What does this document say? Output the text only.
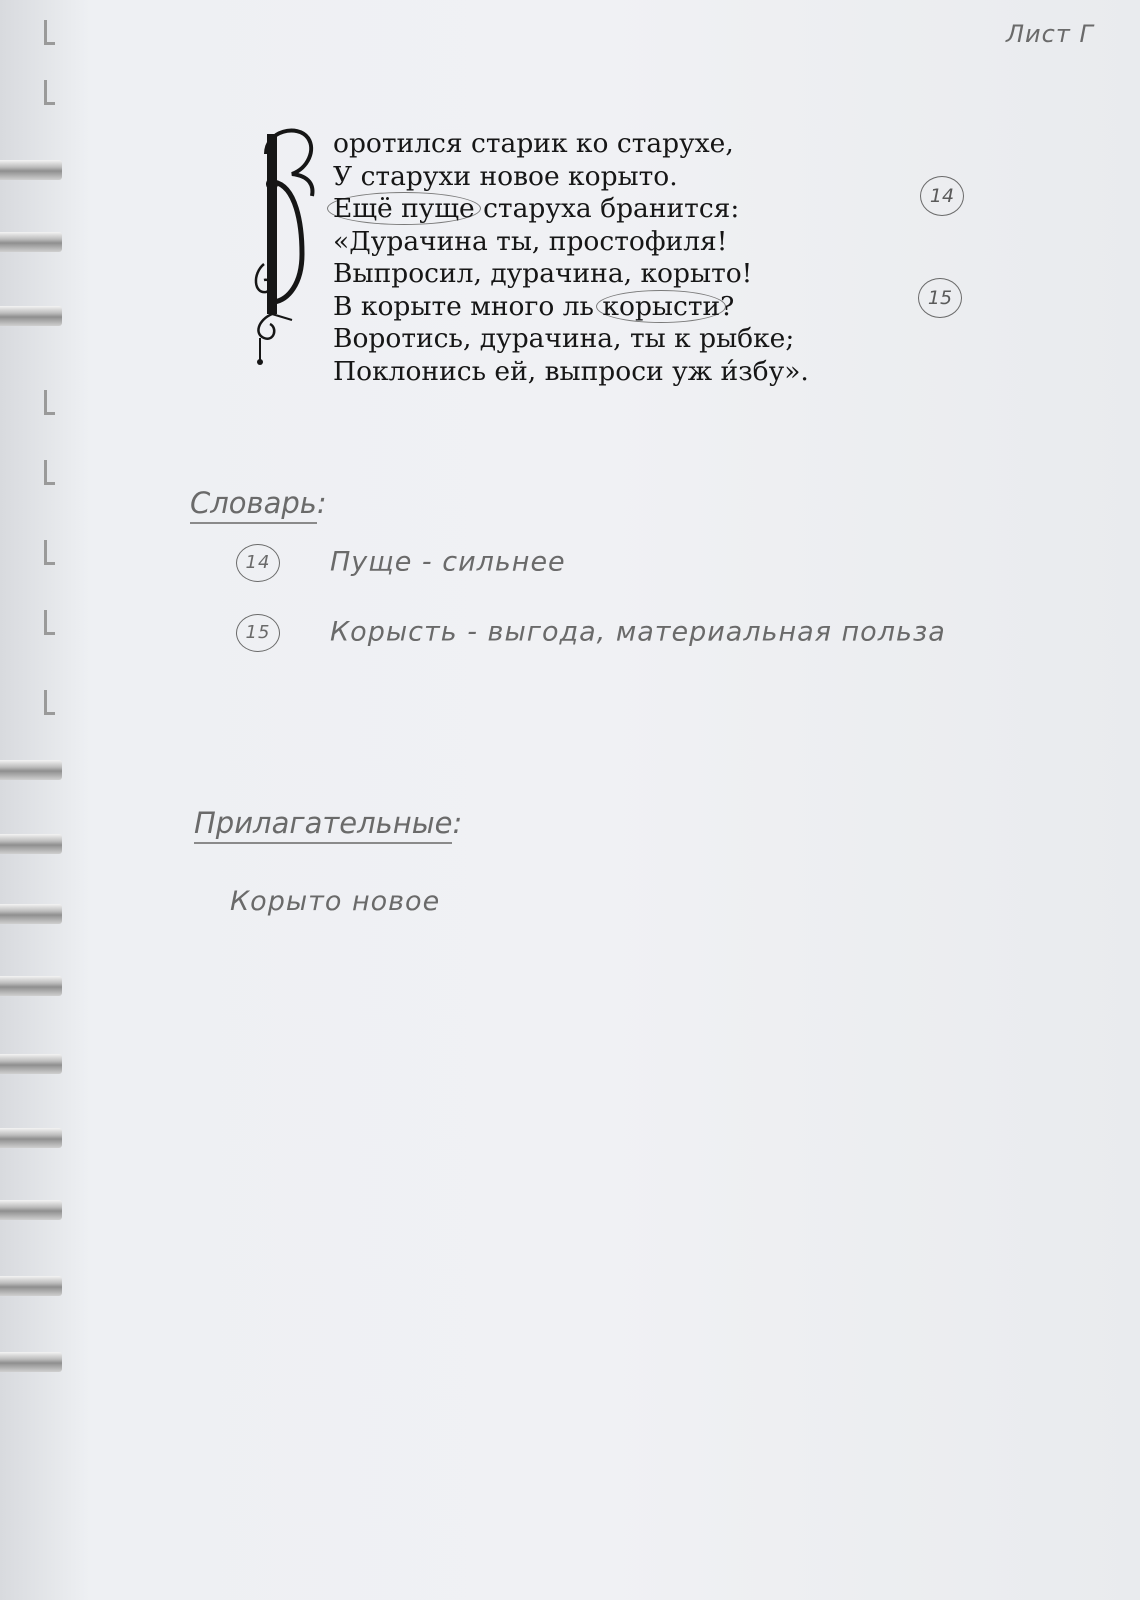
Лист Г
оротился старик ко старухе,
У старухи новое корыто.
Ещё пуще старуха бранится:
«Дурачина ты, простофиля!
Выпросил, дурачина, корыто!
В корыте много ль корысти?
Воротись, дурачина, ты к рыбке;
Поклонись ей, выпроси уж и́збу».
14
15
Словарь:
14 Пуще - сильнее
15 Корысть - выгода, материальная польза
Прилагательные:
Корыто новое
